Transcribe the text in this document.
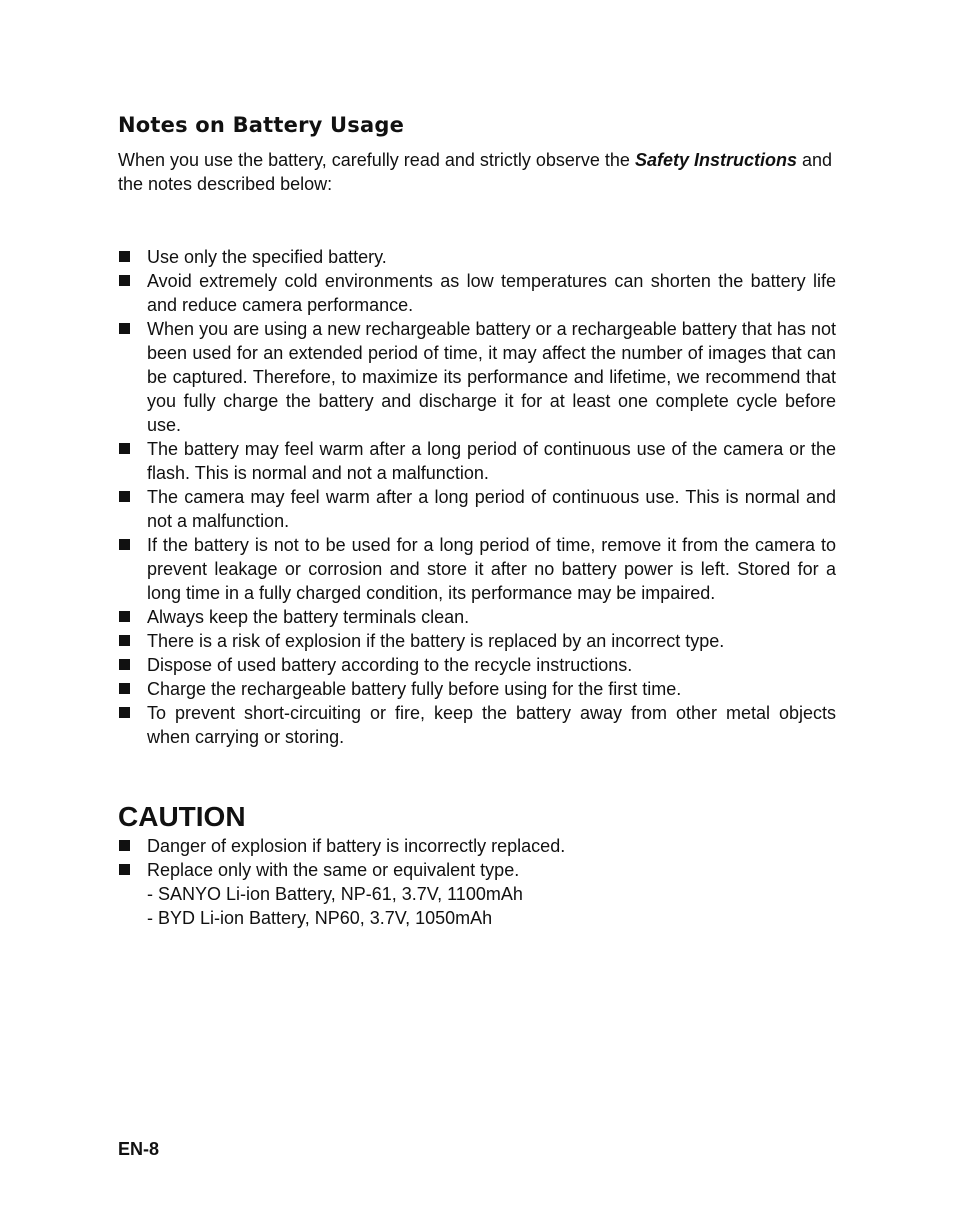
Notes on Battery Usage

When you use the battery, carefully read and strictly observe the Safety Instructions and the notes described below:

Use only the specified battery.
Avoid extremely cold environments as low temperatures can shorten the battery life and reduce camera performance.
When you are using a new rechargeable battery or a rechargeable battery that has not been used for an extended period of time, it may affect the number of images that can be captured. Therefore, to maximize its performance and lifetime, we recommend that you fully charge the battery and discharge it for at least one complete cycle before use.
The battery may feel warm after a long period of continuous use of the camera or the flash. This is normal and not a malfunction.
The camera may feel warm after a long period of continuous use. This is normal and not a malfunction.
If the battery is not to be used for a long period of time, remove it from the camera to prevent leakage or corrosion and store it after no battery power is left. Stored for a long time in a fully charged condition, its performance may be impaired.
Always keep the battery terminals clean.
There is a risk of explosion if the battery is replaced by an incorrect type.
Dispose of used battery according to the recycle instructions.
Charge the rechargeable battery fully before using for the first time.
To prevent short-circuiting or fire, keep the battery away from other metal objects when carrying or storing.
CAUTION
Danger of explosion if battery is incorrectly replaced.
Replace only with the same or equivalent type.
- SANYO Li-ion Battery, NP-61, 3.7V, 1100mAh
- BYD Li-ion Battery, NP60, 3.7V, 1050mAh
EN-8
